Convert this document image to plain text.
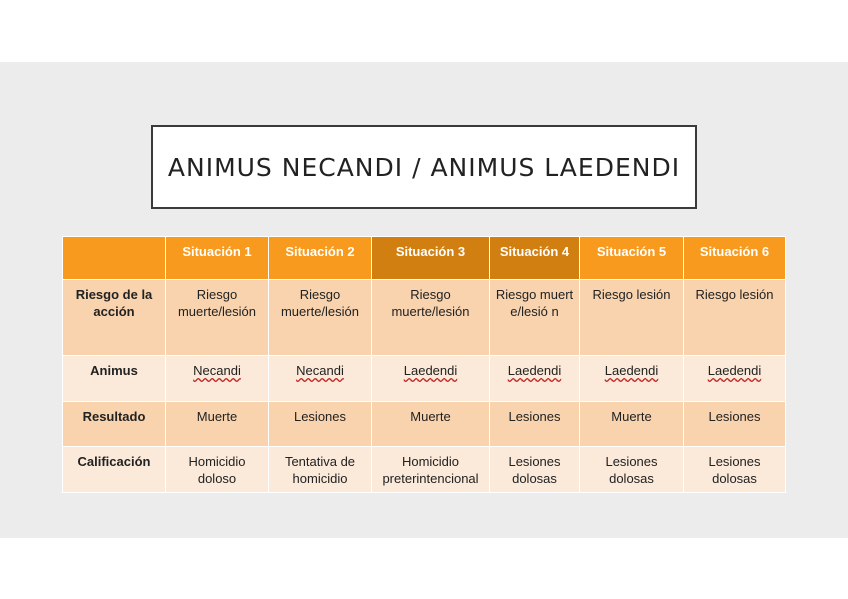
ANIMUS NECANDI / ANIMUS LAEDENDI
	Situación 1	Situación 2	Situación 3	Situación 4	Situación 5	Situación 6
Riesgo de la acción	Riesgo muerte/lesión	Riesgo muerte/lesión	Riesgo muerte/lesión	Riesgo muerte/lesió n	Riesgo lesión	Riesgo lesión
Animus	Necandi	Necandi	Laedendi	Laedendi	Laedendi	Laedendi
Resultado	Muerte	Lesiones	Muerte	Lesiones	Muerte	Lesiones
Calificación	Homicidio doloso	Tentativa de homicidio	Homicidio preterintencional	Lesiones dolosas	Lesiones dolosas	Lesiones dolosas
